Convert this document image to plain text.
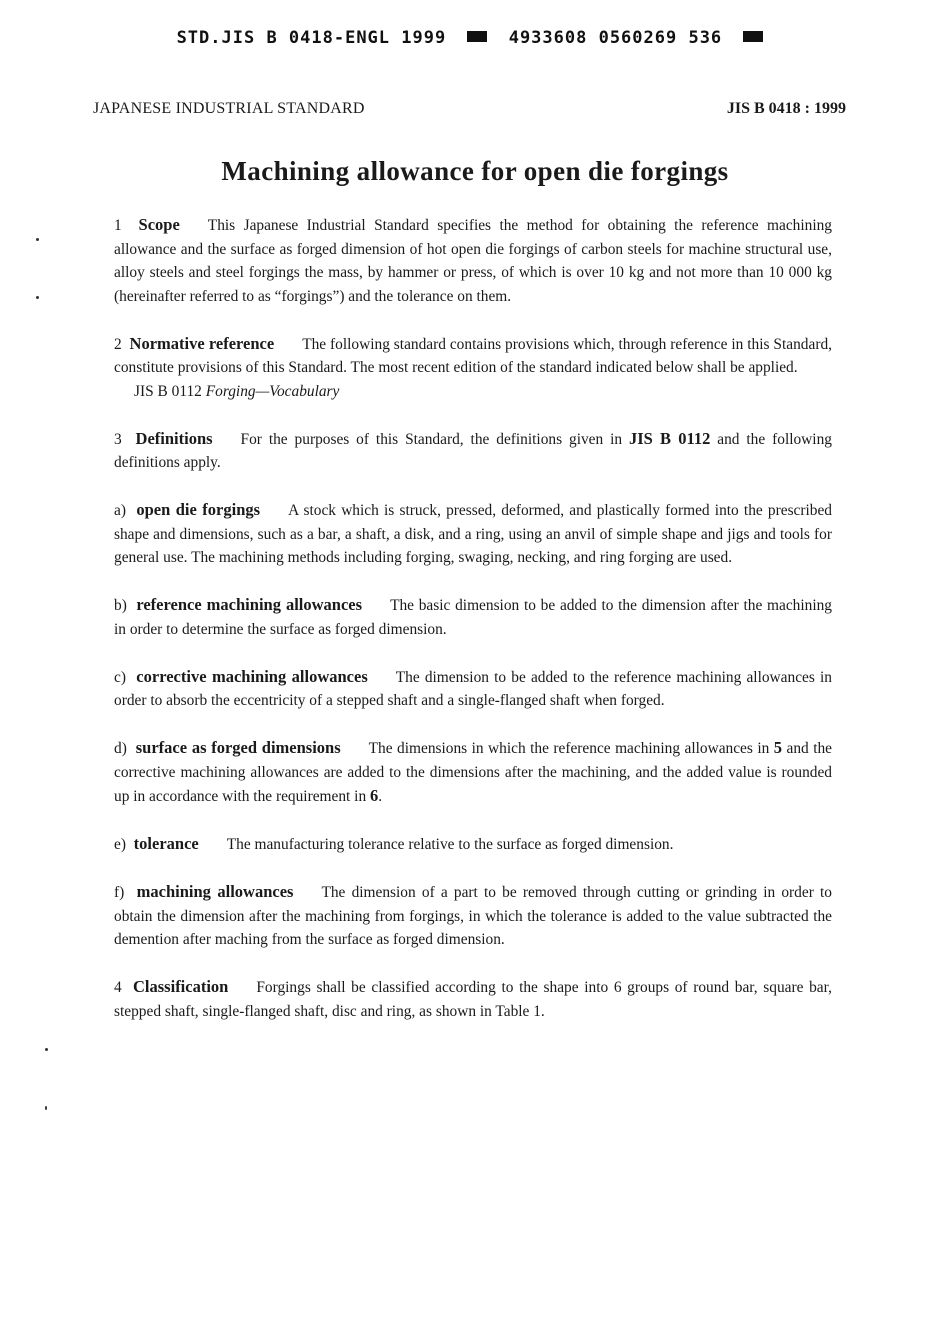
STD.JIS B 0418-ENGL 1999	4933608 0560269 536
JAPANESE INDUSTRIAL STANDARD	JIS B 0418 : 1999
Machining allowance for open die forgings

1 Scope This Japanese Industrial Standard specifies the method for obtaining the reference machining allowance and the surface as forged dimension of hot open die forgings of carbon steels for machine structural use, alloy steels and steel forgings the mass, by hammer or press, of which is over 10 kg and not more than 10 000 kg (hereinafter referred to as “forgings”) and the tolerance on them.

2 Normative reference The following standard contains provisions which, through reference in this Standard, constitute provisions of this Standard. The most recent edition of the standard indicated below shall be applied.

JIS B 0112 Forging—Vocabulary

3 Definitions For the purposes of this Standard, the definitions given in JIS B 0112 and the following definitions apply.

a) open die forgings A stock which is struck, pressed, deformed, and plastically formed into the prescribed shape and dimensions, such as a bar, a shaft, a disk, and a ring, using an anvil of simple shape and jigs and tools for general use. The machining methods including forging, swaging, necking, and ring forging are used.

b) reference machining allowances The basic dimension to be added to the dimension after the machining in order to determine the surface as forged dimension.

c) corrective machining allowances The dimension to be added to the reference machining allowances in order to absorb the eccentricity of a stepped shaft and a single-flanged shaft when forged.

d) surface as forged dimensions The dimensions in which the reference machining allowances in 5 and the corrective machining allowances are added to the dimensions after the machining, and the added value is rounded up in accordance with the requirement in 6.

e) tolerance The manufacturing tolerance relative to the surface as forged dimension.

f) machining allowances The dimension of a part to be removed through cutting or grinding in order to obtain the dimension after the machining from forgings, in which the tolerance is added to the value subtracted the demention after maching from the surface as forged dimension.

4 Classification Forgings shall be classified according to the shape into 6 groups of round bar, square bar, stepped shaft, single-flanged shaft, disc and ring, as shown in Table 1.
